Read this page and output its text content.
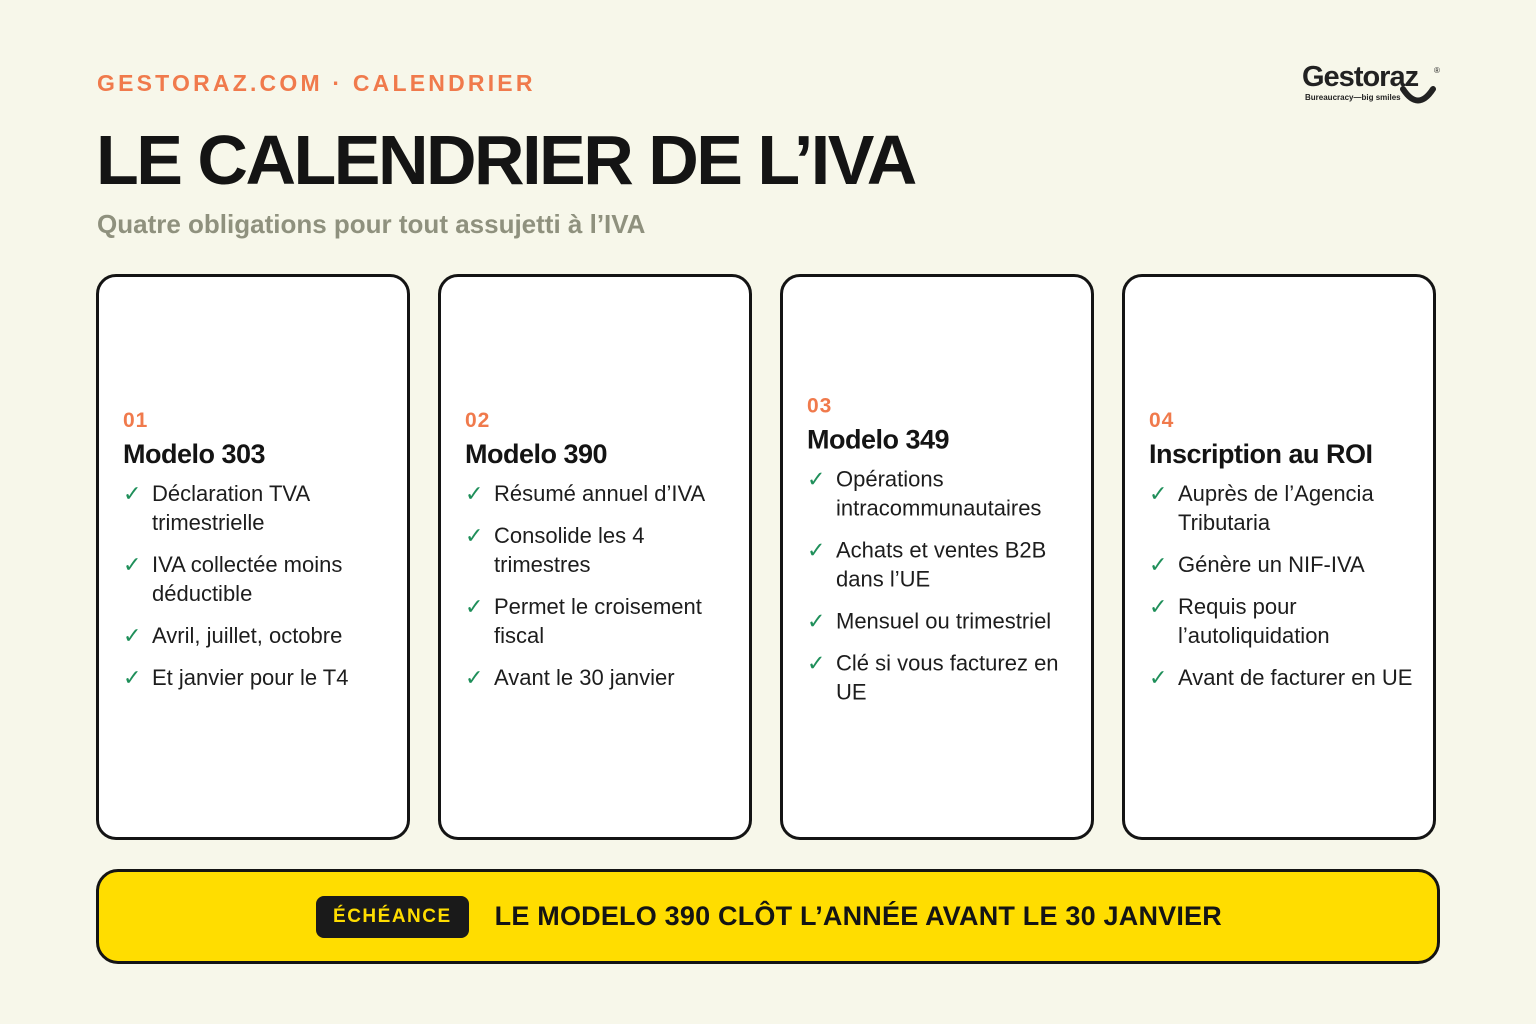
GESTORAZ.COM · CALENDRIER
LE CALENDRIER DE L’IVA
Quatre obligations pour tout assujetti à l’IVA
Gestoraz ®
Bureaucracy—big smiles
01
Modelo 303
✓ Déclaration TVA trimestrielle
✓ IVA collectée moins déductible
✓ Avril, juillet, octobre
✓ Et janvier pour le T4
02
Modelo 390
✓ Résumé annuel d’IVA
✓ Consolide les 4 trimestres
✓ Permet le croisement fiscal
✓ Avant le 30 janvier
03
Modelo 349
✓ Opérations intracommunautaires
✓ Achats et ventes B2B dans l’UE
✓ Mensuel ou trimestriel
✓ Clé si vous facturez en UE
04
Inscription au ROI
✓ Auprès de l’Agencia Tributaria
✓ Génère un NIF-IVA
✓ Requis pour l’autoliquidation
✓ Avant de facturer en UE
ÉCHÉANCE	LE MODELO 390 CLÔT L’ANNÉE AVANT LE 30 JANVIER
